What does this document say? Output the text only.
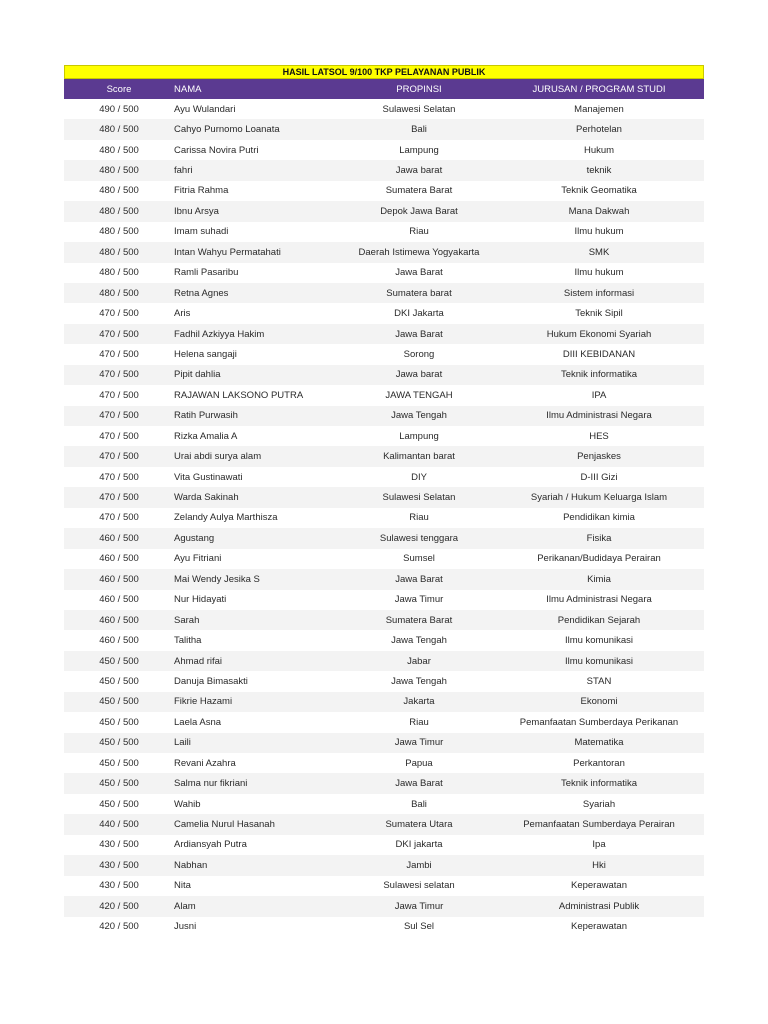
HASIL LATSOL 9/100 TKP PELAYANAN PUBLIK
Score	NAMA	PROPINSI	JURUSAN / PROGRAM STUDI
490 / 500	Ayu Wulandari	Sulawesi Selatan	Manajemen
480 / 500	Cahyo Purnomo Loanata	Bali	Perhotelan
480 / 500	Carissa Novira Putri	Lampung	Hukum
480 / 500	fahri	Jawa barat	teknik
480 / 500	Fitria Rahma	Sumatera Barat	Teknik Geomatika
480 / 500	Ibnu Arsya	Depok Jawa Barat	Mana Dakwah
480 / 500	Imam suhadi	Riau	Ilmu hukum
480 / 500	Intan Wahyu Permatahati	Daerah Istimewa Yogyakarta	SMK
480 / 500	Ramli Pasaribu	Jawa Barat	Ilmu hukum
480 / 500	Retna Agnes	Sumatera barat	Sistem informasi
470 / 500	Aris	DKI Jakarta	Teknik Sipil
470 / 500	Fadhil Azkiyya Hakim	Jawa Barat	Hukum Ekonomi Syariah
470 / 500	Helena sangaji	Sorong	DIII KEBIDANAN
470 / 500	Pipit dahlia	Jawa barat	Teknik informatika
470 / 500	RAJAWAN LAKSONO PUTRA	JAWA TENGAH	IPA
470 / 500	Ratih Purwasih	Jawa Tengah	Ilmu Administrasi Negara
470 / 500	Rizka Amalia A	Lampung	HES
470 / 500	Urai abdi surya alam	Kalimantan barat	Penjaskes
470 / 500	Vita Gustinawati	DIY	D-III Gizi
470 / 500	Warda Sakinah	Sulawesi Selatan	Syariah / Hukum Keluarga Islam
470 / 500	Zelandy Aulya Marthisza	Riau	Pendidikan kimia
460 / 500	Agustang	Sulawesi tenggara	Fisika
460 / 500	Ayu Fitriani	Sumsel	Perikanan/Budidaya Perairan
460 / 500	Mai Wendy Jesika S	Jawa Barat	Kimia
460 / 500	Nur Hidayati	Jawa Timur	Ilmu Administrasi Negara
460 / 500	Sarah	Sumatera Barat	Pendidikan Sejarah
460 / 500	Talitha	Jawa Tengah	Ilmu komunikasi
450 / 500	Ahmad rifai	Jabar	Ilmu komunikasi
450 / 500	Danuja Bimasakti	Jawa Tengah	STAN
450 / 500	Fikrie Hazami	Jakarta	Ekonomi
450 / 500	Laela Asna	Riau	Pemanfaatan Sumberdaya Perikanan
450 / 500	Laili	Jawa Timur	Matematika
450 / 500	Revani Azahra	Papua	Perkantoran
450 / 500	Salma nur fikriani	Jawa Barat	Teknik informatika
450 / 500	Wahib	Bali	Syariah
440 / 500	Camelia Nurul Hasanah	Sumatera Utara	Pemanfaatan Sumberdaya Perairan
430 / 500	Ardiansyah Putra	DKI jakarta	Ipa
430 / 500	Nabhan	Jambi	Hki
430 / 500	Nita	Sulawesi selatan	Keperawatan
420 / 500	Alam	Jawa Timur	Administrasi Publik
420 / 500	Jusni	Sul Sel	Keperawatan
